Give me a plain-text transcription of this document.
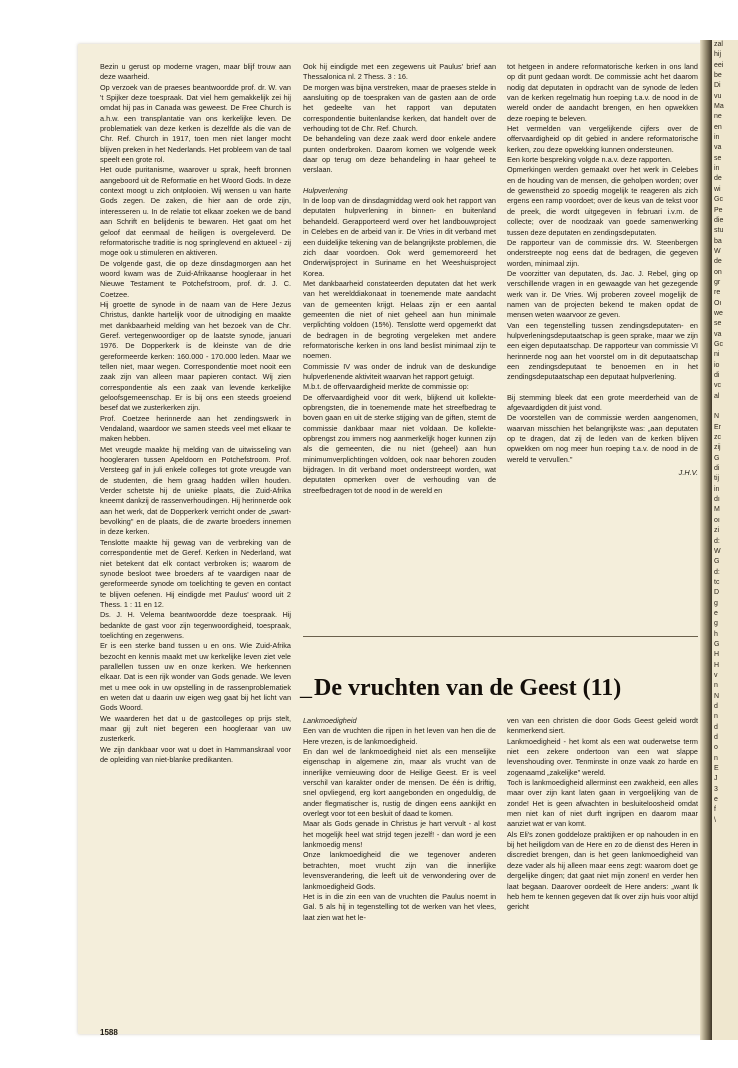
zal
hij
eei
be
Di
vu
Ma
ne
en
in
va
se
in
de
wi
Gc
Pe
die
stu
ba
W
de
on
gr
re
Oı
we
se
va
Gc
ni
io
di
vc
al
N
Er
zc
zij
G
di
tij
in
dı
M
oı
zi
d:
W
G
d:
tc
D
g
e
g
h
G
H
H
v
n
N
d
n
d
d
o
n
E
J
3
e
f
\

Bezin u gerust op moderne vragen, maar blijf trouw aan deze waarheid.

Op verzoek van de praeses beantwoordde prof. dr. W. van 't Spijker deze toespraak. Dat viel hem gemakkelijk zei hij omdat hij pas in Canada was geweest. De Free Church is a.h.w. een transplantatie van ons kerkelijke leven. De problematiek van deze kerken is dezelfde als die van de Chr. Ref. Church in 1917, toen men niet langer mocht blijven preken in het Nederlands. Het probleem van de taal speelt een grote rol.

Het oude puritanisme, waarover u sprak, heeft bronnen aangeboord uit de Reformatie en het Woord Gods. In deze context moogt u zich ontplooien. Wij wensen u van harte Gods zegen. De zaken, die hier aan de orde zijn, interesseren u. In de relatie tot elkaar zoeken we de band aan Schrift en belijdenis te bewaren. Het gaat om het geloof dat eenmaal de heiligen is overgeleverd. De reformatorische traditie is nog springlevend en aktueel - zij moge ook u stimuleren en aktiveren.

De volgende gast, die op deze dinsdagmorgen aan het woord kwam was de Zuid-Afrikaanse hoogleraar in het Nieuwe Testament te Potchefstroom, prof. dr. J. C. Coetzee.

Hij groette de synode in de naam van de Here Jezus Christus, dankte hartelijk voor de uitnodiging en maakte met dankbaarheid melding van het bezoek van de Chr. Geref. vertegenwoordiger op de laatste synode, januari 1976. De Dopperkerk is de kleinste van de drie gereformeerde kerken: 160.000 - 170.000 leden. Maar we tellen niet, maar wegen. Correspondentie moet nooit een zaak zijn van alleen maar papieren contact. Wij zien correspondentie als een zaak van levende kerkelijke geloofsgemeenschap. Er is bij ons een steeds groeiend besef dat we zusterkerken zijn.

Prof. Coetzee herinnerde aan het zendingswerk in Vendaland, waardoor we samen steeds veel met elkaar te maken hebben.

Met vreugde maakte hij melding van de uitwisseling van hoogleraren tussen Apeldoorn en Potchefstroom. Prof. Versteeg gaf in juli enkele colleges tot grote vreugde van de studenten, die hem graag hadden willen houden. Verder schetste hij de unieke plaats, die Zuid-Afrika kneemt dankzij de rassenverhoudingen. Hij herinnerde ook aan het werk, dat de Dopperkerk verricht onder de „swart-bevolking" en de plaats, die de zwarte broeders innemen in deze kerken.

Tenslotte maakte hij gewag van de verbreking van de correspondentie met de Geref. Kerken in Nederland, wat niet betekent dat elk contact verbroken is; waarom de synode besloot twee broeders af te vaardigen naar de gereformeerde synode om toelichting te geven en contact te blijven oefenen. Hij eindigde met Paulus' woord uit 2 Thess. 1 : 11 en 12.

Ds. J. H. Velema beantwoordde deze toespraak. Hij bedankte de gast voor zijn tegenwoordigheid, toespraak, toelichting en zegenwens.

Er is een sterke band tussen u en ons. Wie Zuid-Afrika bezocht en kennis maakt met uw kerkelijke leven ziet vele parallellen tussen uw en onze kerken. We herkennen elkaar. Dat is een rijk wonder van Gods genade. We leven met u mee ook in uw opstelling in de rassenproblematiek en weten dat u daarin uw eigen weg gaat bij het licht van Gods Woord.

We waarderen het dat u de gastcolleges op prijs stelt, maar gij zult niet begeren een hoogleraar van uw zusterkerk.

We zijn dankbaar voor wat u doet in Hammanskraal voor de opleiding van niet-blanke predikanten.

Ook hij eindigde met een zegewens uit Paulus' brief aan Thessalonica nl. 2 Thess. 3 : 16.

De morgen was bijna verstreken, maar de praeses stelde in aansluiting op de toespraken van de gasten aan de orde het gedeelte van het rapport van deputaten correspondentie buitenlandse kerken, dat handelt over de verhouding tot de Chr. Ref. Church.

De behandeling van deze zaak werd door enkele andere punten onderbroken. Daarom komen we volgende week daar op terug om deze behandeling in haar geheel te verslaan.

Hulpverlening

In de loop van de dinsdagmiddag werd ook het rapport van deputaten hulpverlening in binnen- en buitenland behandeld. Gerapporteerd werd over het landbouwproject in Celebes en de arbeid van ir. De Vries in dit verband met een duidelijke tekening van de belangrijkste problemen, die zich daar voordoen. Ook werd gememoreerd het Onderwijsproject in Suriname en het Weeshuisproject Korea.

Met dankbaarheid constateerden deputaten dat het werk van het werelddiakonaat in toenemende mate aandacht van de gemeenten krijgt. Helaas zijn er een aantal gemeenten die niet of niet geheel aan hun minimale verplichting voldoen (15%). Tenslotte werd opgemerkt dat de bedragen in de begroting vergeleken met andere reformatorische kerken in ons land beslist minimaal zijn te noemen.

Commissie IV was onder de indruk van de deskundige hulpverlenende aktiviteit waarvan het rapport getuigt.

M.b.t. de offervaardigheid merkte de commissie op:

De offervaardigheid voor dit werk, blijkend uit kollekte-opbrengsten, die in toenemende mate het streefbedrag te boven gaan en uit de sterke stijging van de giften, stemt de commissie dankbaar maar niet voldaan. De kollekte-opbrengst zou immers nog aanmerkelijk hoger kunnen zijn als die gemeenten, die nu niet (geheel) aan hun minimumverplichtingen voldoen, ook naar behoren zouden bijdragen. In dit verband moet onderstreept worden, wat deputaten opmerken over de verhouding van de streefbedragen tot de nood in de wereld en

tot hetgeen in andere reformatorische kerken in ons land op dit punt gedaan wordt. De commissie acht het daarom nodig dat deputaten in opdracht van de synode de leden van de kerken regelmatig hun roeping t.a.v. de nood in de wereld onder de aandacht brengen, en hen opwekken deze roeping te beleven.

Het vermelden van vergelijkende cijfers over de offervaardigheid op dit gebied in andere reformatorische kerken, zou deze opwekking kunnen ondersteunen.

Een korte bespreking volgde n.a.v. deze rapporten.

Opmerkingen werden gemaakt over het werk in Celebes en de houding van de mensen, die geholpen worden; over de gewenstheid zo spoedig mogelijk te reageren als zich ergens een ramp voordoet; over de keus van de tekst voor de preek, die wordt uitgegeven in februari i.v.m. de collecte; over de noodzaak van goede samenwerking tussen deze deputaten en zendingsdeputaten.

De rapporteur van de commissie drs. W. Steenbergen onderstreepte nog eens dat de bedragen, die gegeven worden, minimaal zijn.

De voorzitter van deputaten, ds. Jac. J. Rebel, ging op verschillende vragen in en gewaagde van het gezegende werk van ir. De Vries. Wij proberen zoveel mogelijk de namen van de projecten bekend te maken opdat de mensen weten waarvoor ze geven.

Van een tegenstelling tussen zendingsdeputaten- en hulpverleningsdeputaatschap is geen sprake, maar we zijn een eigen deputaatschap. De rapporteur van commissie VI herinnerde nog aan het voorstel om in dit deputaatschap een zendingsdeputaat te benoemen en in het zendingsdeputaatschap een deputaat hulpverlening.

Bij stemming bleek dat een grote meerderheid van de afgevaardigden dit juist vond.

De voorstellen van de commissie werden aangenomen, waarvan misschien het belangrijkste was: „aan deputaten op te dragen, dat zij de leden van de kerken blijven opwekken om nog meer hun roeping t.a.v. de nood in de wereld te vervullen."

J.H.V.
_De vruchten van de Geest (11)

Lankmoedigheid

Een van de vruchten die rijpen in het leven van hen die de Here vrezen, is de lankmoedigheid.

En dan wel de lankmoedigheid niet als een menselijke eigenschap in algemene zin, maar als vrucht van de innerlijke vernieuwing door de Heilige Geest. Er is veel verschil van karakter onder de mensen. De één is driftig, snel opvliegend, erg kort aangebonden en ongeduldig, de ander flegmatischer is, rustig de dingen eens aankijkt en overlegt voor tot een besluit of daad te komen.

Maar als Gods genade in Christus je hart vervult - al kost het mogelijk heel wat strijd tegen jezelf! - dan word je een lankmoedig mens!

Onze lankmoedigheid die we tegenover anderen betrachten, moet vrucht zijn van die innerlijke levensverandering, die leeft uit de verwondering over de lankmoedigheid Gods.

Het is in die zin een van de vruchten die Paulus noemt in Gal. 5 als hij in tegenstelling tot de werken van het vlees, laat zien wat het le-

ven van een christen die door Gods Geest geleid wordt kenmerkend siert.

Lankmoedigheid - het komt als een wat ouderwetse term niet een zekere ondertoon van een wat slappe levenshouding over. Tenminste in onze vaak zo harde en zogenaamd „zakelijke" wereld.

Toch is lankmoedigheid allerminst een zwakheid, een alles maar over zijn kant laten gaan in vergoelijking van de zonde! Het is geen afwachten in besluiteloosheid omdat men niet kan of niet durft ingrijpen en daarom maar aanziet wat er van komt.

Als Eli's zonen goddeloze praktijken er op nahouden in en bij het heiligdom van de Here en zo de dienst des Heren in discrediet brengen, dan is het geen lankmoedigheid van deze vader als hij alleen maar eens zegt: waarom doet ge dergelijke dingen; dat gaat niet mijn zonen! en verder hen laat begaan. Daarover oordeelt de Here anders: „want Ik heb hem te kennen gegeven dat Ik over zijn huis voor altijd gericht

1588
